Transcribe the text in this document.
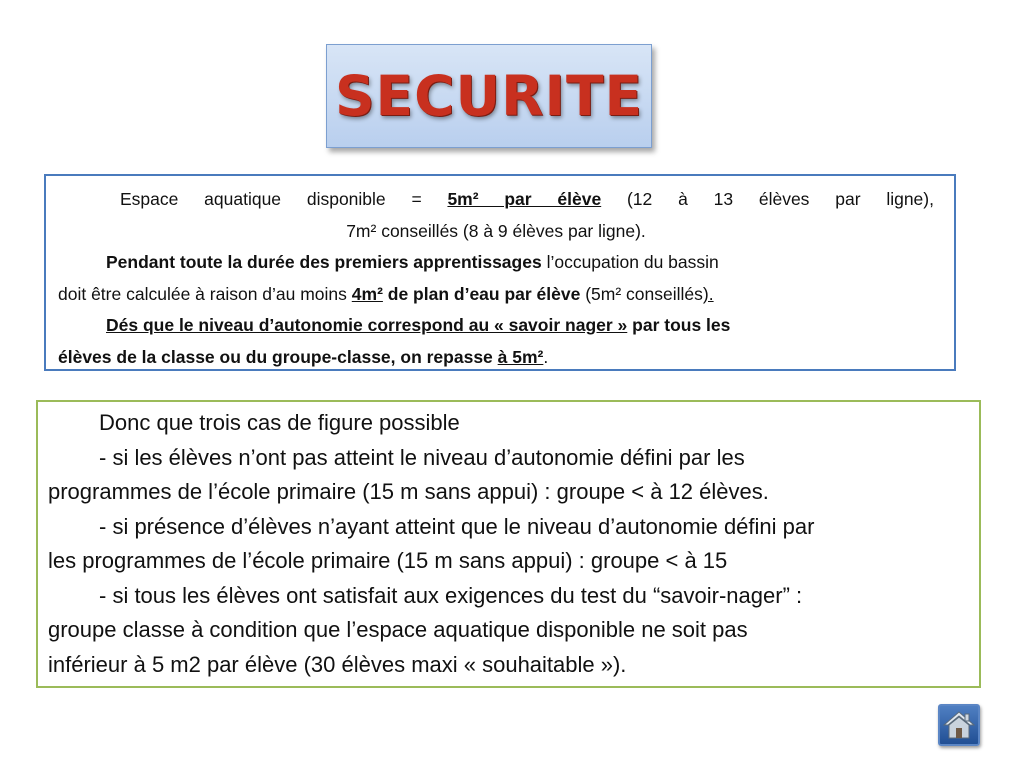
SECURITE

Espace aquatique disponible = 5m² par élève (12 à 13 élèves par ligne),

7m² conseillés (8 à 9 élèves par ligne).

Pendant toute la durée des premiers apprentissages l’occupation du bassin

doit être calculée à raison d’au moins 4m² de plan d’eau par élève (5m² conseillés).

Dés que le niveau d’autonomie correspond au « savoir nager » par tous les

élèves de la classe ou du groupe-classe, on repasse à 5m².

Donc que trois cas de figure possible

- si les élèves n’ont pas atteint le niveau d’autonomie défini par les

programmes de l’école primaire (15 m sans appui) : groupe < à 12 élèves.

- si présence d’élèves n’ayant atteint que le niveau d’autonomie défini par

les programmes de l’école primaire (15 m sans appui) : groupe < à 15

- si tous les élèves ont satisfait aux exigences du test du “savoir-nager” :

groupe classe à condition que l’espace aquatique disponible ne soit pas

inférieur à 5 m2 par élève (30 élèves maxi « souhaitable »).
